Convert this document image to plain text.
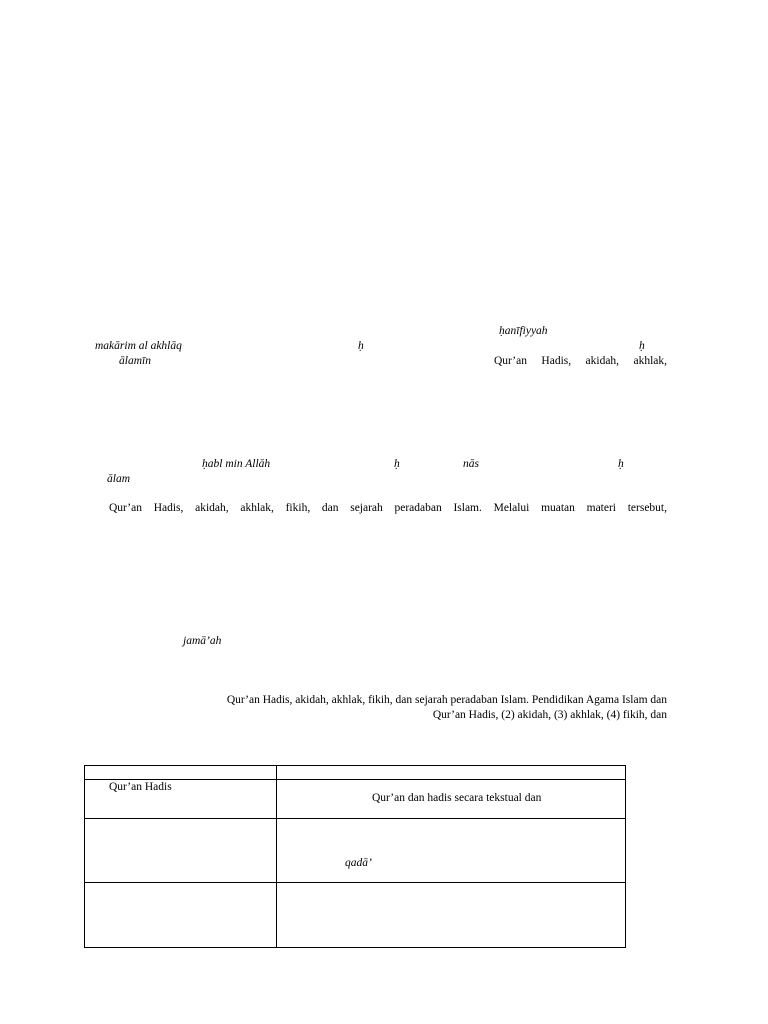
ḥanīfiyyah
makārim al akhlāq	ḥ	ḥ
ālamīn	Qur’an Hadis, akidah, akhlak,
ḥabl min Allāh	ḥ	nās	ḥ
ālam
Qur’an Hadis, akidah, akhlak, fikih, dan sejarah peradaban Islam. Melalui muatan materi tersebut,
jamā’ah
Qur’an Hadis, akidah, akhlak, fikih, dan sejarah peradaban Islam. Pendidikan Agama Islam dan
Qur’an Hadis, (2) akidah, (3) akhlak, (4) fikih, dan

Qur’an Hadis	Qur’an dan hadis secara tekstual dan

	qadā’
